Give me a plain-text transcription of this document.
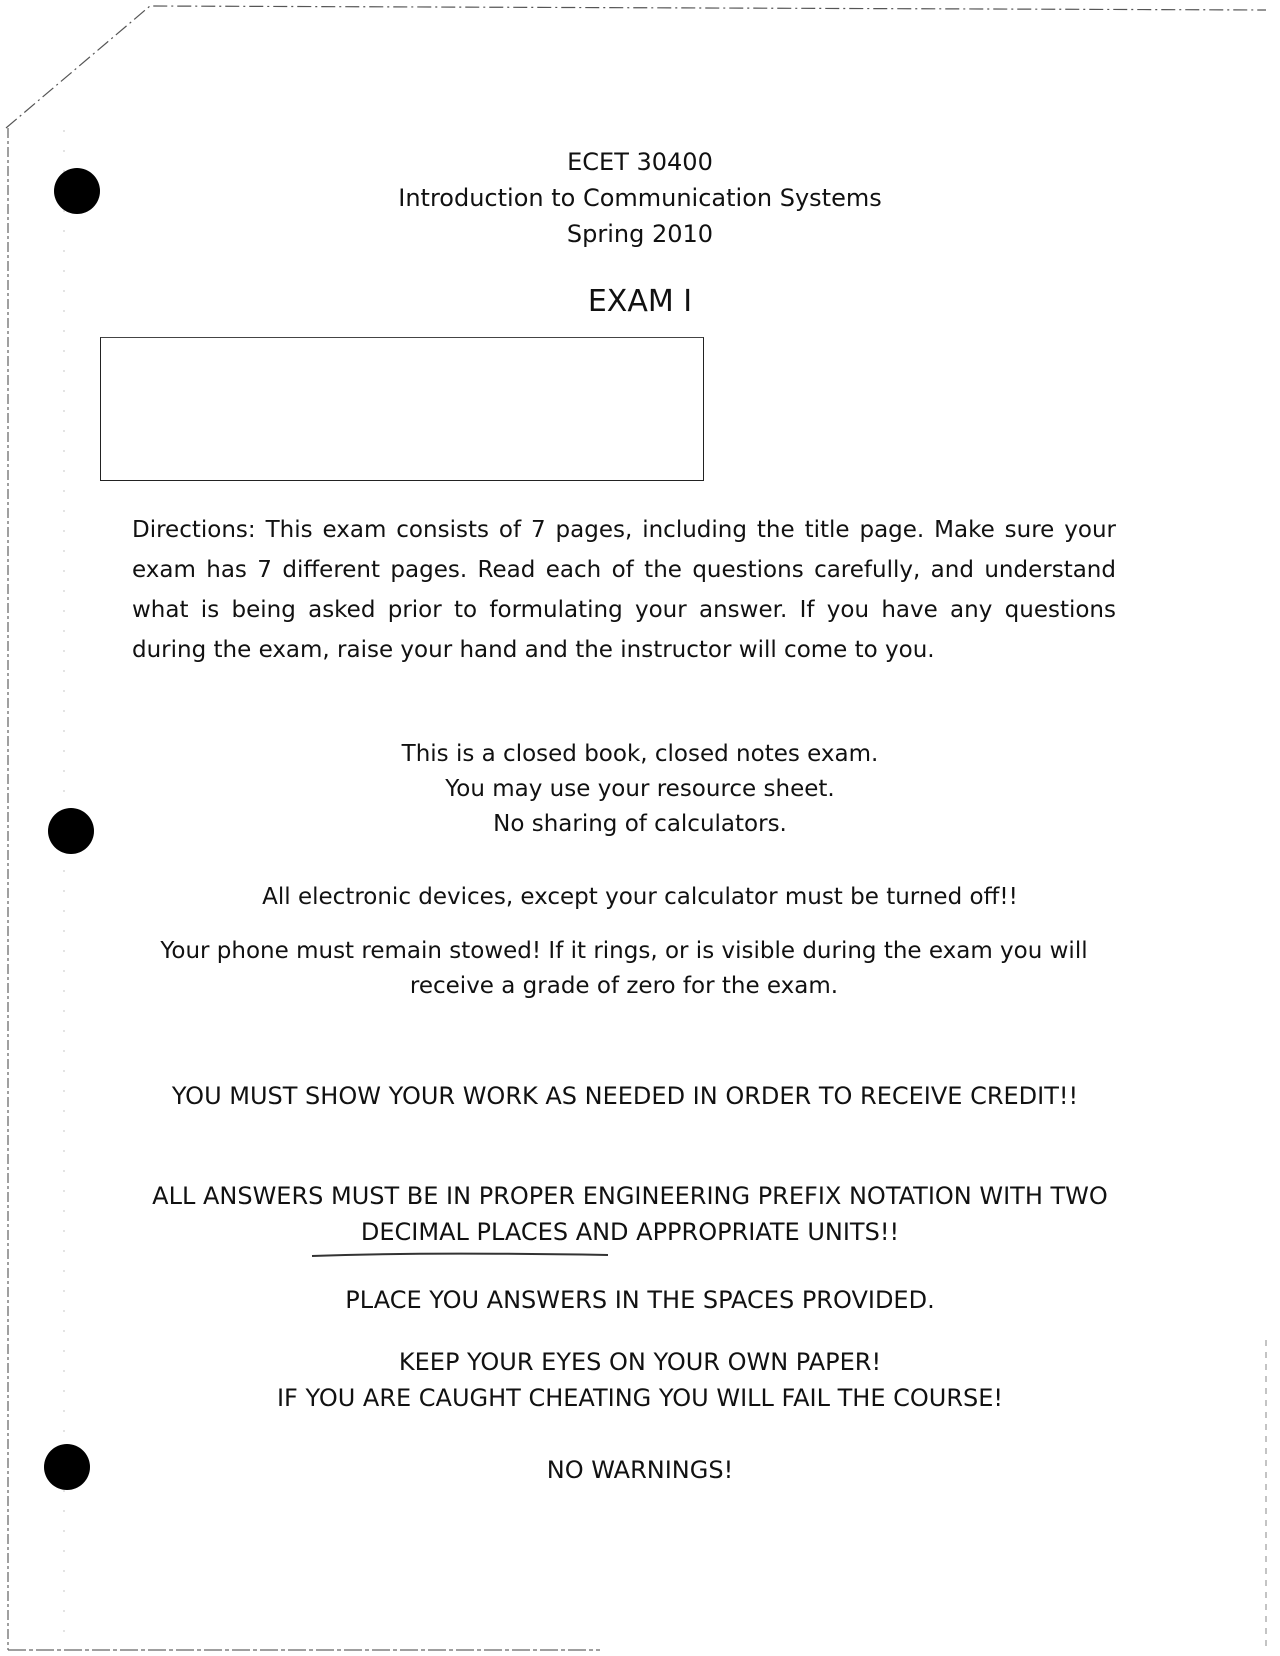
ECET 30400

Introduction to Communication Systems

Spring 2010

EXAM I

Directions: This exam consists of 7 pages, including the title page. Make sure your exam has 7 different pages. Read each of the questions carefully, and understand what is being asked prior to formulating your answer. If you have any questions during the exam, raise your hand and the instructor will come to you.

This is a closed book, closed notes exam.

You may use your resource sheet.

No sharing of calculators.

All electronic devices, except your calculator must be turned off!!

Your phone must remain stowed! If it rings, or is visible during the exam you will receive a grade of zero for the exam.

YOU MUST SHOW YOUR WORK AS NEEDED IN ORDER TO RECEIVE CREDIT!!

ALL ANSWERS MUST BE IN PROPER ENGINEERING PREFIX NOTATION WITH TWO DECIMAL PLACES AND APPROPRIATE UNITS!!

PLACE YOU ANSWERS IN THE SPACES PROVIDED.

KEEP YOUR EYES ON YOUR OWN PAPER!

IF YOU ARE CAUGHT CHEATING YOU WILL FAIL THE COURSE!

NO WARNINGS!
